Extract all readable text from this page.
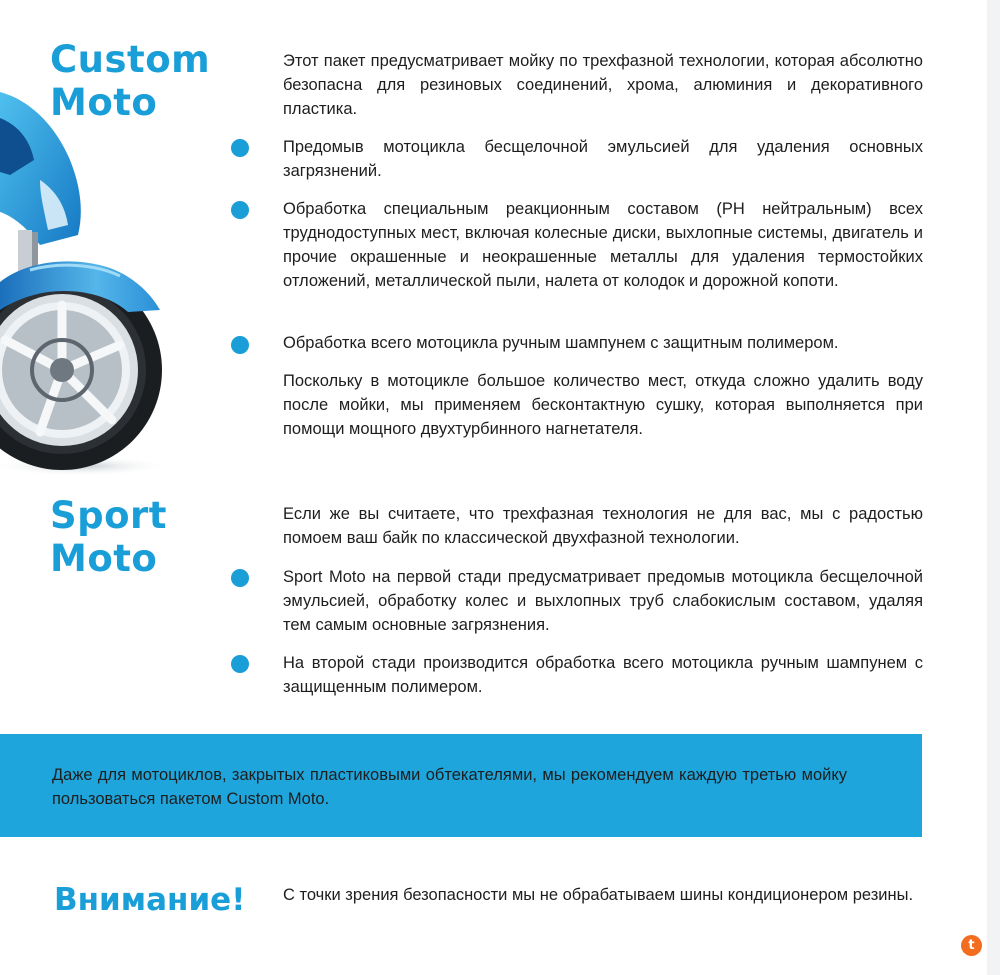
Custom
Moto

Этот пакет предусматривает мойку по трехфазной технологии, которая абсолютно безопасна для резиновых соединений, хрома, алюминия и декоративного пластика.

Предомыв мотоцикла бесщелочной эмульсией для удаления основных загрязнений.

Обработка специальным реакционным составом (РН нейтральным) всех труднодоступных мест, включая колесные диски, выхлопные системы, двигатель и прочие окрашенные и неокрашенные металлы для удаления термостойких отложений, металлической пыли, налета от колодок и дорожной копоти.

Обработка всего мотоцикла ручным шампунем с защитным полимером.

Поскольку в мотоцикле большое количество мест, откуда сложно удалить воду после мойки, мы применяем бесконтактную сушку, которая выполняется при помощи мощного двухтурбинного нагнетателя.

Sport
Moto

Если же вы считаете, что трехфазная технология не для вас, мы с радостью помоем ваш байк по классической двухфазной технологии.

Sport Moto на первой стади предусматривает предомыв мотоцикла бесщелочной эмульсией, обработку колес и выхлопных труб слабокислым составом, удаляя тем самым основные загрязнения.

На второй стади производится обработка всего мотоцикла ручным шампунем с защищенным полимером.

Даже для мотоциклов, закрытых пластиковыми обтекателями, мы рекомендуем каждую третью мойку пользоваться пакетом Custom Moto.

Внимание! С точки зрения безопасности мы не обрабатываем шины кондиционером резины.

t
